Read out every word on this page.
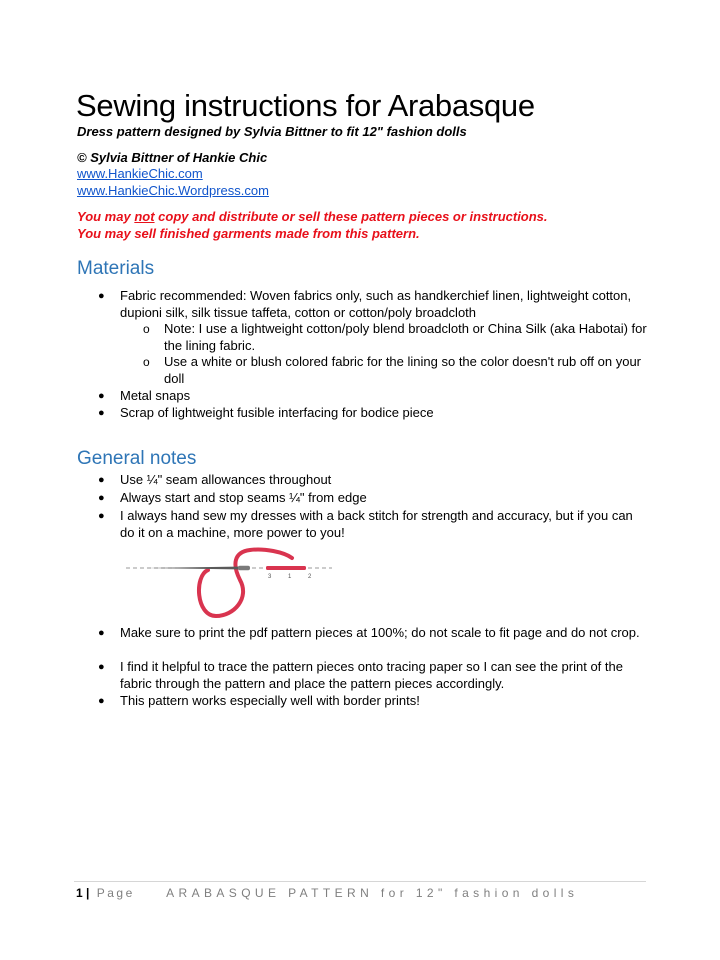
Sewing instructions for Arabasque

Dress pattern designed by Sylvia Bittner to fit 12" fashion dolls

© Sylvia Bittner of Hankie Chic

www.HankieChic.com
www.HankieChic.Wordpress.com

You may not copy and distribute or sell these pattern pieces or instructions.

You may sell finished garments made from this pattern.

Materials
● Fabric recommended: Woven fabrics only, such as handkerchief linen, lightweight cotton, dupioni silk, silk tissue taffeta, cotton or cotton/poly broadcloth
o Note: I use a lightweight cotton/poly blend broadcloth or China Silk (aka Habotai) for the lining fabric.
o Use a white or blush colored fabric for the lining so the color doesn't rub off on your doll
● Metal snaps
● Scrap of lightweight fusible interfacing for bodice piece
General notes
● Use ¼" seam allowances throughout
● Always start and stop seams ¼" from edge
● I always hand sew my dresses with a back stitch for strength and accuracy, but if you can do it on a machine, more power to you!
3	1	2
● Make sure to print the pdf pattern pieces at 100%; do not scale to fit page and do not crop.
● I find it helpful to trace the pattern pieces onto tracing paper so I can see the print of the fabric through the pattern and place the pattern pieces accordingly.
● This pattern works especially well with border prints!
1 | Page	ARABASQUE PATTERN for 12" fashion dolls
